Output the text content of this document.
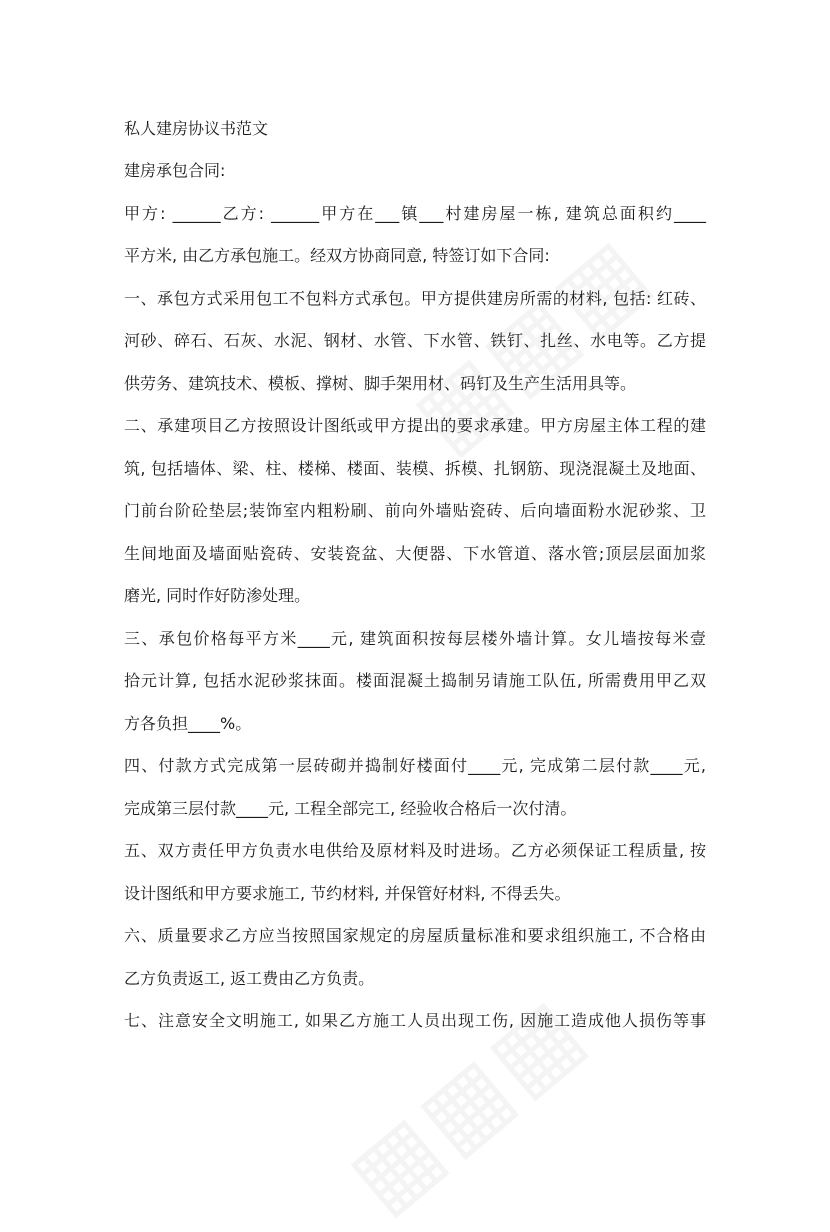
私人建房协议书范文
建房承包合同:
甲方: ______乙方: ______甲方在___镇___村建房屋一栋, 建筑总面积约____
平方米, 由乙方承包施工。经双方协商同意, 特签订如下合同:
一、承包方式采用包工不包料方式承包。甲方提供建房所需的材料, 包括: 红砖、
河砂、碎石、石灰、水泥、钢材、水管、下水管、铁钉、扎丝、水电等。乙方提
供劳务、建筑技术、模板、撑树、脚手架用材、码钉及生产生活用具等。
二、承建项目乙方按照设计图纸或甲方提出的要求承建。甲方房屋主体工程的建
筑, 包括墙体、梁、柱、楼梯、楼面、装模、拆模、扎钢筋、现浇混凝土及地面、
门前台阶砼垫层;装饰室内粗粉刷、前向外墙贴瓷砖、后向墙面粉水泥砂浆、卫
生间地面及墙面贴瓷砖、安装瓷盆、大便器、下水管道、落水管;顶层层面加浆
磨光, 同时作好防渗处理。
三、承包价格每平方米____元, 建筑面积按每层楼外墙计算。女儿墙按每米壹
拾元计算, 包括水泥砂浆抹面。楼面混凝土捣制另请施工队伍, 所需费用甲乙双
方各负担____%。
四、付款方式完成第一层砖砌并捣制好楼面付____元, 完成第二层付款____元,
完成第三层付款____元, 工程全部完工, 经验收合格后一次付清。
五、双方责任甲方负责水电供给及原材料及时进场。乙方必须保证工程质量, 按
设计图纸和甲方要求施工, 节约材料, 并保管好材料, 不得丢失。
六、质量要求乙方应当按照国家规定的房屋质量标准和要求组织施工, 不合格由
乙方负责返工, 返工费由乙方负责。
七、注意安全文明施工, 如果乙方施工人员出现工伤, 因施工造成他人损伤等事
